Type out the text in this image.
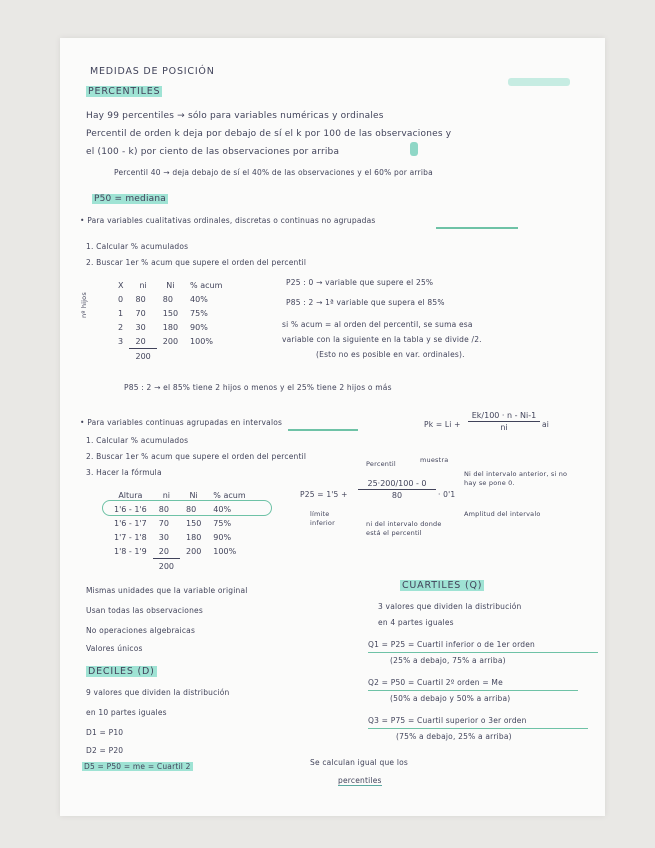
MEDIDAS DE POSICIÓN
PERCENTILES
Hay 99 percentiles → sólo para variables numéricas y ordinales
Percentil de orden k deja por debajo de sí el k por 100 de las observaciones y
el (100 - k) por ciento de las observaciones por arriba
Percentil 40 → deja debajo de sí el 40% de las observaciones y el 60% por arriba
P50 = mediana
• Para variables cualitativas ordinales, discretas o continuas no agrupadas
1. Calcular % acumulados
2. Buscar 1er % acum que supere el orden del percentil
X	ni	Ni	% acum
0	80	80	40%
1	70	150	75%
2	30	180	90%
3	20	200	100%
	200		
nº hijos
P25 : 0 → variable que supere el 25%
P85 : 2 → 1ª variable que supera el 85%
si % acum = al orden del percentil, se suma esa
variable con la siguiente en la tabla y se divide /2.
(Esto no es posible en var. ordinales).
P85 : 2 → el 85% tiene 2 hijos o menos y el 25% tiene 2 hijos o más
• Para variables continuas agrupadas en intervalos	$Pk = Li + \frac{Ek/100 \cdot n - Ni-1}{ni}$ ai
1. Calcular % acumulados
2. Buscar 1er % acum que supere el orden del percentil
3. Hacer la fórmula
Altura	ni	Ni	% acum
1'6 - 1'6	80	80	40%
1'6 - 1'7	70	150	75%
1'7 - 1'8	30	180	90%
1'8 - 1'9	20	200	100%
	200		
Percentil	muestra
$P25 = 1'5 + \frac{25\cdot 200/100 - 0}{80} \cdot 0'1$
Ni del intervalo anterior, si no hay se pone 0.
límite inferior	ni del intervalo donde está el percentil
Amplitud del intervalo
Mismas unidades que la variable original
Usan todas las observaciones
No operaciones algebraicas
Valores únicos
DECILES (D)
9 valores que dividen la distribución
en 10 partes iguales
D1 = P10
D2 = P20
D5 = P50 = me = Cuartil 2
CUARTILES (Q)
3 valores que dividen la distribución
en 4 partes iguales
Q1 = P25 = Cuartil inferior o de 1er orden
(25% a debajo, 75% a arriba)
Q2 = P50 = Cuartil 2º orden = Me
(50% a debajo y 50% a arriba)
Q3 = P75 = Cuartil superior o 3er orden
(75% a debajo, 25% a arriba)
Se calculan igual que los
percentiles
